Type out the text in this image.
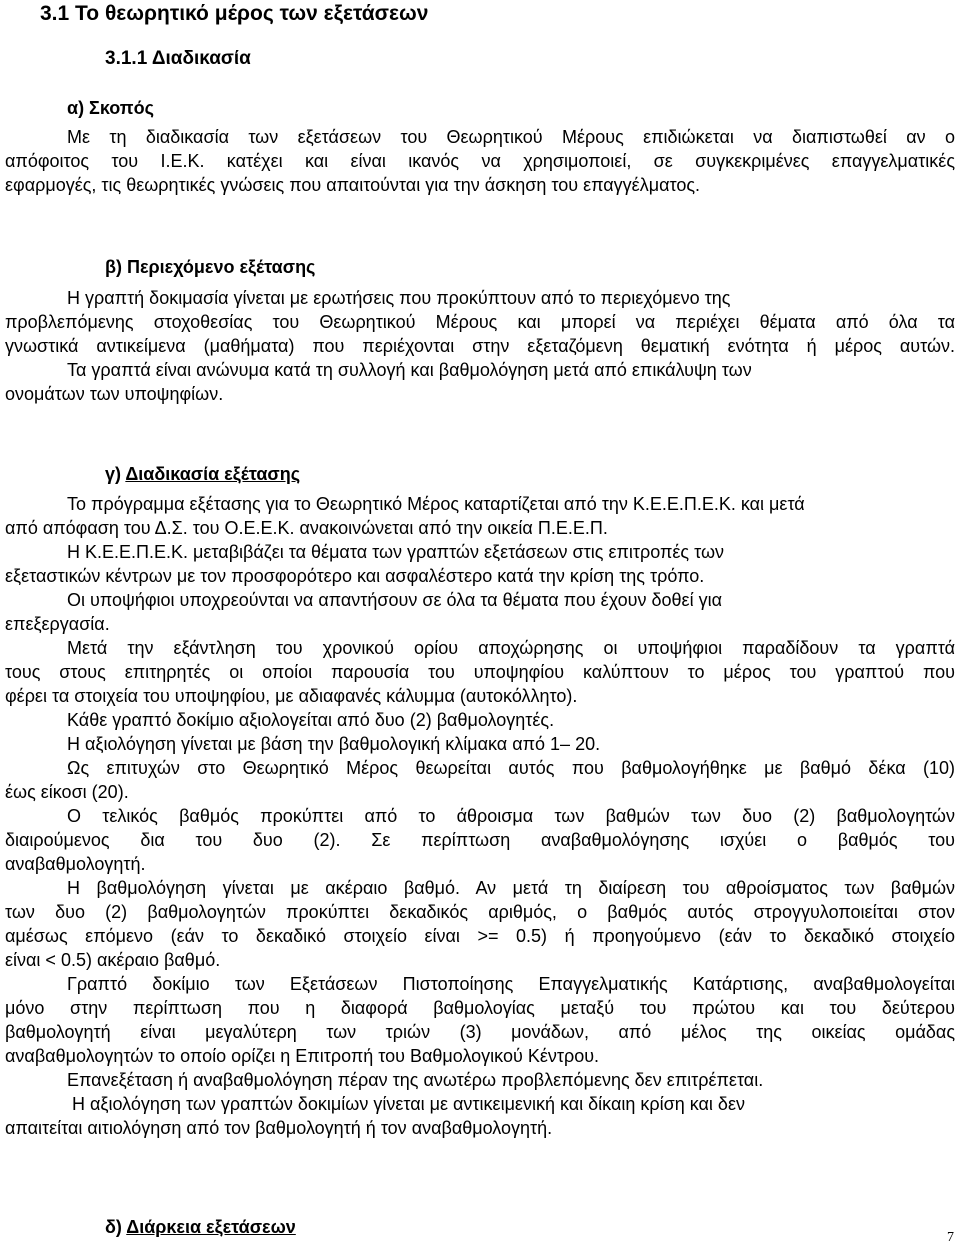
3.1 Το θεωρητικό μέρος των εξετάσεων
3.1.1 Διαδικασία
α) Σκοπός
Με τη διαδικασία των εξετάσεων του Θεωρητικού Μέρους επιδιώκεται να διαπιστωθεί αν ο
απόφοιτος του Ι.Ε.Κ. κατέχει και είναι ικανός να χρησιμοποιεί, σε συγκεκριμένες επαγγελματικές
εφαρμογές, τις θεωρητικές γνώσεις που απαιτούνται για την άσκηση του επαγγέλματος.
β) Περιεχόμενο εξέτασης
Η γραπτή δοκιμασία γίνεται με ερωτήσεις που προκύπτουν από το περιεχόμενο της
προβλεπόμενης στοχοθεσίας του Θεωρητικού Μέρους και μπορεί να περιέχει θέματα από όλα τα
γνωστικά αντικείμενα (μαθήματα) που περιέχονται στην εξεταζόμενη θεματική ενότητα ή μέρος αυτών.
Τα γραπτά είναι ανώνυμα κατά τη συλλογή και βαθμολόγηση μετά από επικάλυψη των
ονομάτων των υποψηφίων.
γ) Διαδικασία εξέτασης
Το πρόγραμμα εξέτασης για το Θεωρητικό Μέρος καταρτίζεται από την Κ.Ε.Ε.Π.Ε.Κ. και μετά
από απόφαση του Δ.Σ. του Ο.Ε.Ε.Κ. ανακοινώνεται από την οικεία Π.Ε.Ε.Π.
Η Κ.Ε.Ε.Π.Ε.Κ. μεταβιβάζει τα θέματα των γραπτών εξετάσεων στις επιτροπές των
εξεταστικών κέντρων με τον προσφορότερο και ασφαλέστερο κατά την κρίση της τρόπο.
Οι υποψήφιοι υποχρεούνται να απαντήσουν σε όλα τα θέματα που έχουν δοθεί για
επεξεργασία.
Μετά την εξάντληση του χρονικού ορίου αποχώρησης οι υποψήφιοι παραδίδουν τα γραπτά
τους στους επιτηρητές οι οποίοι παρουσία του υποψηφίου καλύπτουν το μέρος του γραπτού που
φέρει τα στοιχεία του υποψηφίου, με αδιαφανές κάλυμμα (αυτοκόλλητο).
Κάθε γραπτό δοκίμιο αξιολογείται από δυο (2) βαθμολογητές.
Η αξιολόγηση γίνεται με βάση την βαθμολογική κλίμακα από 1– 20.
Ως επιτυχών στο Θεωρητικό Μέρος θεωρείται αυτός που βαθμολογήθηκε με βαθμό δέκα (10)
έως είκοσι (20).
Ο τελικός βαθμός προκύπτει από το άθροισμα των βαθμών των δυο (2) βαθμολογητών
διαιρούμενος δια του δυο (2). Σε περίπτωση αναβαθμολόγησης ισχύει ο βαθμός του
αναβαθμολογητή.
Η βαθμολόγηση γίνεται με ακέραιο βαθμό. Αν μετά τη διαίρεση του αθροίσματος των βαθμών
των δυο (2) βαθμολογητών προκύπτει δεκαδικός αριθμός, ο βαθμός αυτός στρογγυλοποιείται στον
αμέσως επόμενο (εάν το δεκαδικό στοιχείο είναι >= 0.5) ή προηγούμενο (εάν το δεκαδικό στοιχείο
είναι < 0.5) ακέραιο βαθμό.
Γραπτό δοκίμιο των Εξετάσεων Πιστοποίησης Επαγγελματικής Κατάρτισης, αναβαθμολογείται
μόνο στην περίπτωση που η διαφορά βαθμολογίας μεταξύ του πρώτου και του δεύτερου
βαθμολογητή είναι μεγαλύτερη των τριών (3) μονάδων, από μέλος της οικείας ομάδας
αναβαθμολογητών το οποίο ορίζει η Επιτροπή του Βαθμολογικού Κέντρου.
Επανεξέταση ή αναβαθμολόγηση πέραν της ανωτέρω προβλεπόμενης δεν επιτρέπεται.
Η αξιολόγηση των γραπτών δοκιμίων γίνεται με αντικειμενική και δίκαιη κρίση και δεν
απαιτείται αιτιολόγηση από τον βαθμολογητή ή τον αναβαθμολογητή.
δ) Διάρκεια εξετάσεων
7
